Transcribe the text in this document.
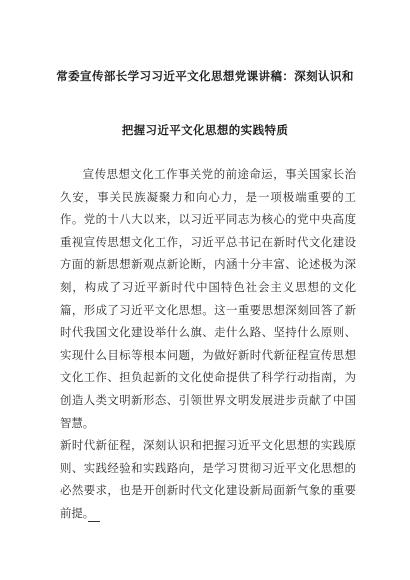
常委宣传部长学习习近平文化思想党课讲稿：深刻认识和
把握习近平文化思想的实践特质

宣传思想文化工作事关党的前途命运，事关国家长治久安，事关民族凝聚力和向心力，是一项极端重要的工作。党的十八大以来，以习近平同志为核心的党中央高度重视宣传思想文化工作，习近平总书记在新时代文化建设方面的新思想新观点新论断，内涵十分丰富、论述极为深刻，构成了习近平新时代中国特色社会主义思想的文化篇，形成了习近平文化思想。这一重要思想深刻回答了新时代我国文化建设举什么旗、走什么路、坚持什么原则、实现什么目标等根本问题，为做好新时代新征程宣传思想文化工作、担负起新的文化使命提供了科学行动指南，为创造人类文明新形态、引领世界文明发展进步贡献了中国智慧。

新时代新征程，深刻认识和把握习近平文化思想的实践原则、实践经验和实践路向，是学习贯彻习近平文化思想的必然要求，也是开创新时代文化建设新局面新气象的重要前提。
